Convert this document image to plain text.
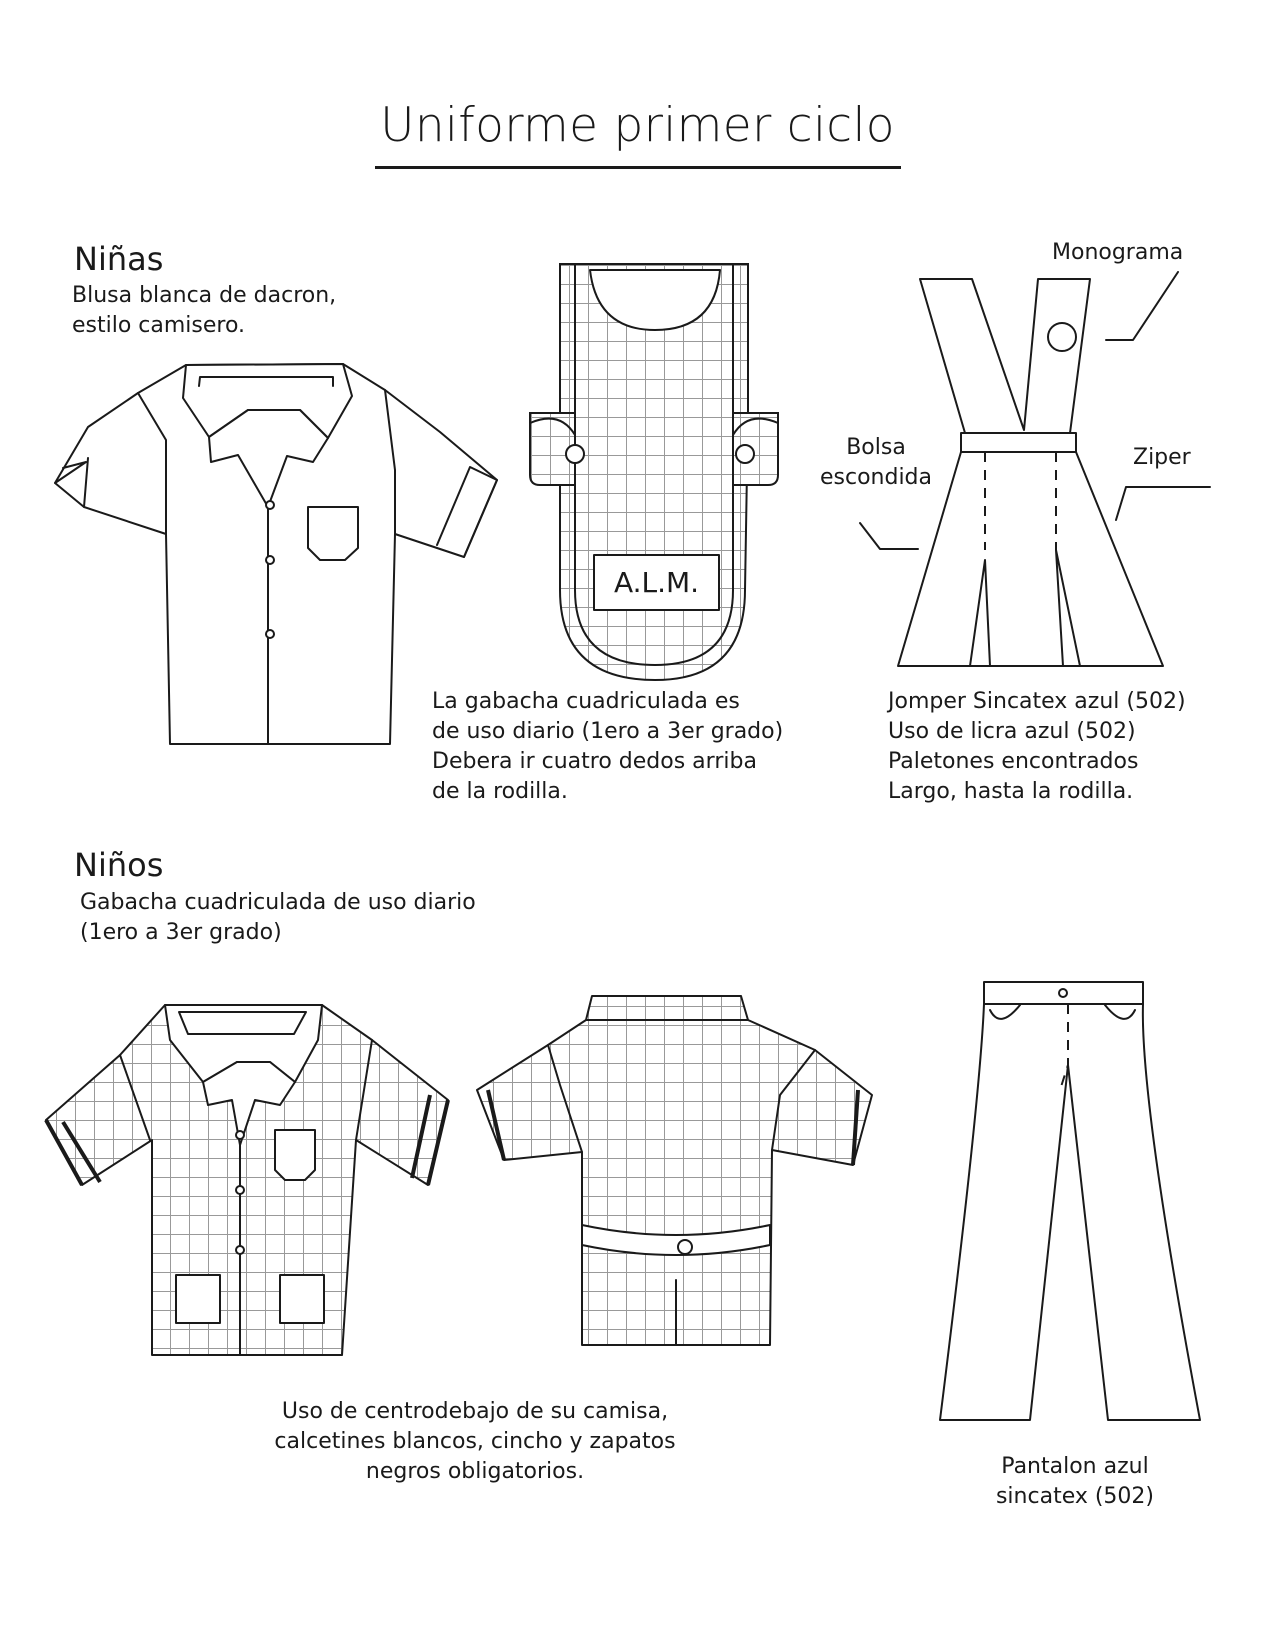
Uniforme primer ciclo
A.L.M.
Niñas
Blusa blanca de dacron,
estilo camisero.
La gabacha cuadriculada es
de uso diario (1ero a 3er grado)
Debera ir cuatro dedos arriba
de la rodilla.
Jomper Sincatex azul (502)
Uso de licra azul (502)
Paletones encontrados
Largo, hasta la rodilla.
Monograma
Bolsa
escondida
Ziper
Niños
Gabacha cuadriculada de uso diario
(1ero a 3er grado)
Uso de centrodebajo de su camisa,
calcetines blancos, cincho y zapatos
negros obligatorios.	Pantalon azul
sincatex (502)
